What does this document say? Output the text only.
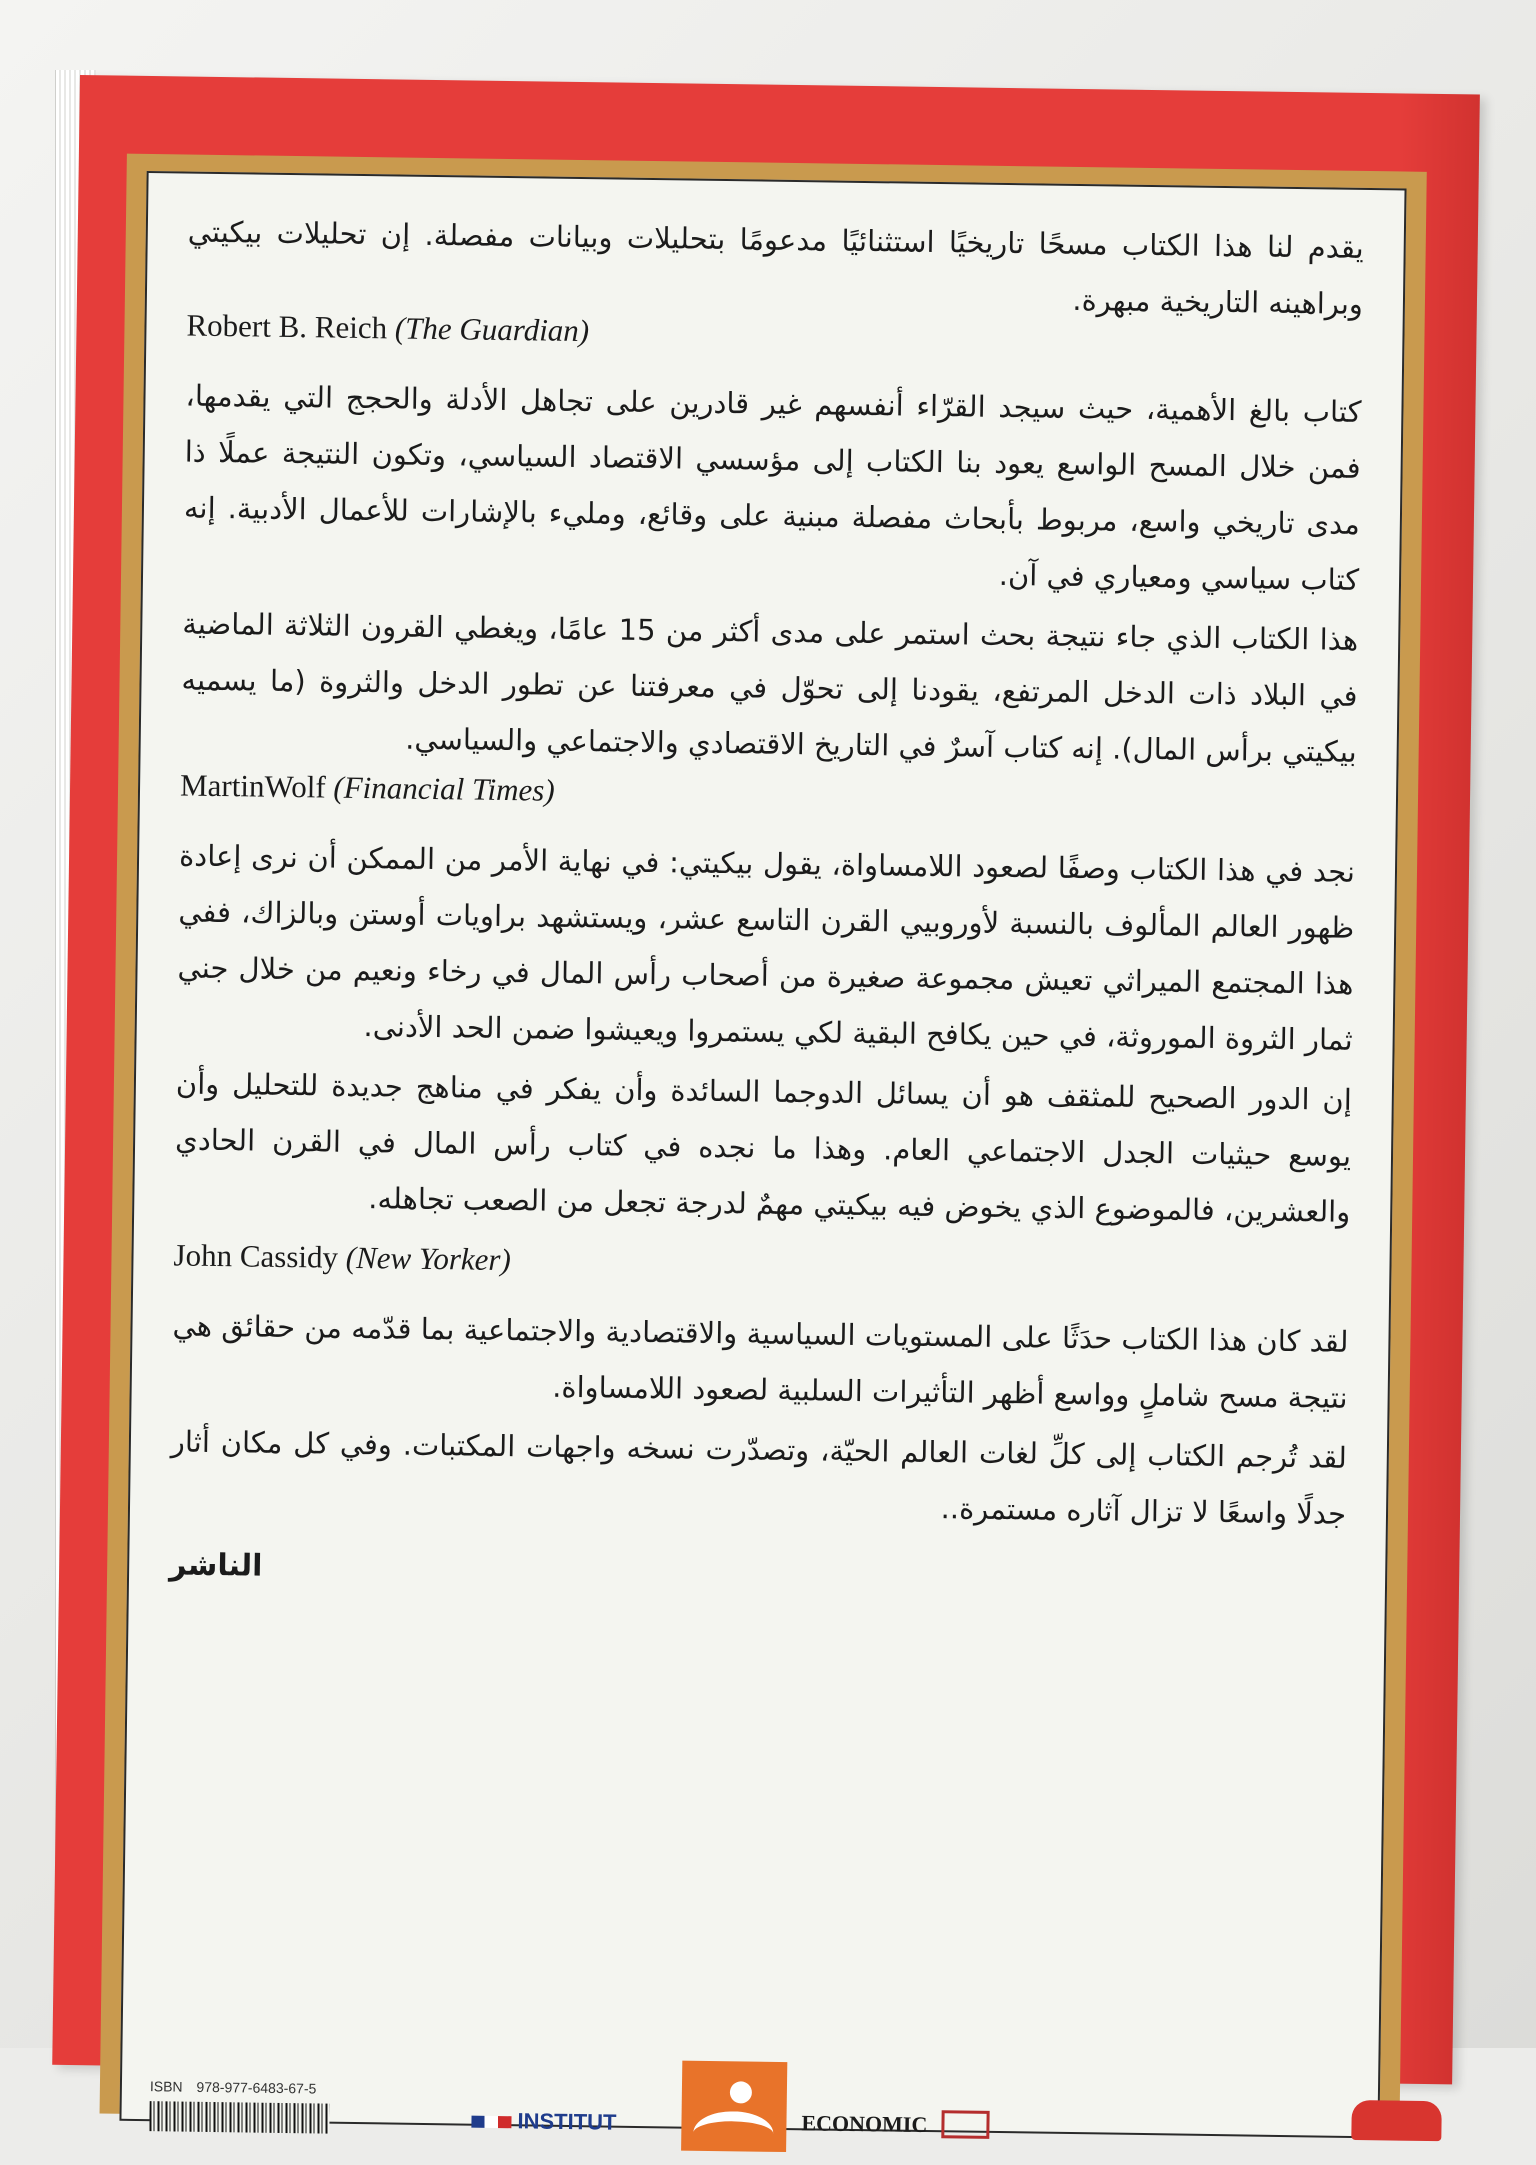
يقدم لنا هذا الكتاب مسحًا تاريخيًا استثنائيًا مدعومًا بتحليلات وبيانات مفصلة. إن تحليلات بيكيتي وبراهينه التاريخية مبهرة.

Robert B. Reich (The Guardian)

كتاب بالغ الأهمية، حيث سيجد القرّاء أنفسهم غير قادرين على تجاهل الأدلة والحجج التي يقدمها، فمن خلال المسح الواسع يعود بنا الكتاب إلى مؤسسي الاقتصاد السياسي، وتكون النتيجة عملًا ذا مدى تاريخي واسع، مربوط بأبحاث مفصلة مبنية على وقائع، ومليء بالإشارات للأعمال الأدبية. إنه كتاب سياسي ومعياري في آن.

هذا الكتاب الذي جاء نتيجة بحث استمر على مدى أكثر من 15 عامًا، ويغطي القرون الثلاثة الماضية في البلاد ذات الدخل المرتفع، يقودنا إلى تحوّل في معرفتنا عن تطور الدخل والثروة (ما يسميه بيكيتي برأس المال). إنه كتاب آسرٌ في التاريخ الاقتصادي والاجتماعي والسياسي.

MartinWolf (Financial Times)

نجد في هذا الكتاب وصفًا لصعود اللامساواة، يقول بيكيتي: في نهاية الأمر من الممكن أن نرى إعادة ظهور العالم المألوف بالنسبة لأوروبيي القرن التاسع عشر، ويستشهد براويات أوستن وبالزاك، ففي هذا المجتمع الميراثي تعيش مجموعة صغيرة من أصحاب رأس المال في رخاء ونعيم من خلال جني ثمار الثروة الموروثة، في حين يكافح البقية لكي يستمروا ويعيشوا ضمن الحد الأدنى.

إن الدور الصحيح للمثقف هو أن يسائل الدوجما السائدة وأن يفكر في مناهج جديدة للتحليل وأن يوسع حيثيات الجدل الاجتماعي العام. وهذا ما نجده في كتاب رأس المال في القرن الحادي والعشرين، فالموضوع الذي يخوض فيه بيكيتي مهمٌ لدرجة تجعل من الصعب تجاهله.

John Cassidy (New Yorker)

لقد كان هذا الكتاب حدَثًا على المستويات السياسية والاقتصادية والاجتماعية بما قدّمه من حقائق هي نتيجة مسح شاملٍ وواسع أظهر التأثيرات السلبية لصعود اللامساواة.

لقد تُرجم الكتاب إلى كلِّ لغات العالم الحيّة، وتصدّرت نسخه واجهات المكتبات. وفي كل مكان أثار جدلًا واسعًا لا تزال آثاره مستمرة..

الناشر

ISBN 978-977-6483-67-5
INSTITUT	ECONOMIC
